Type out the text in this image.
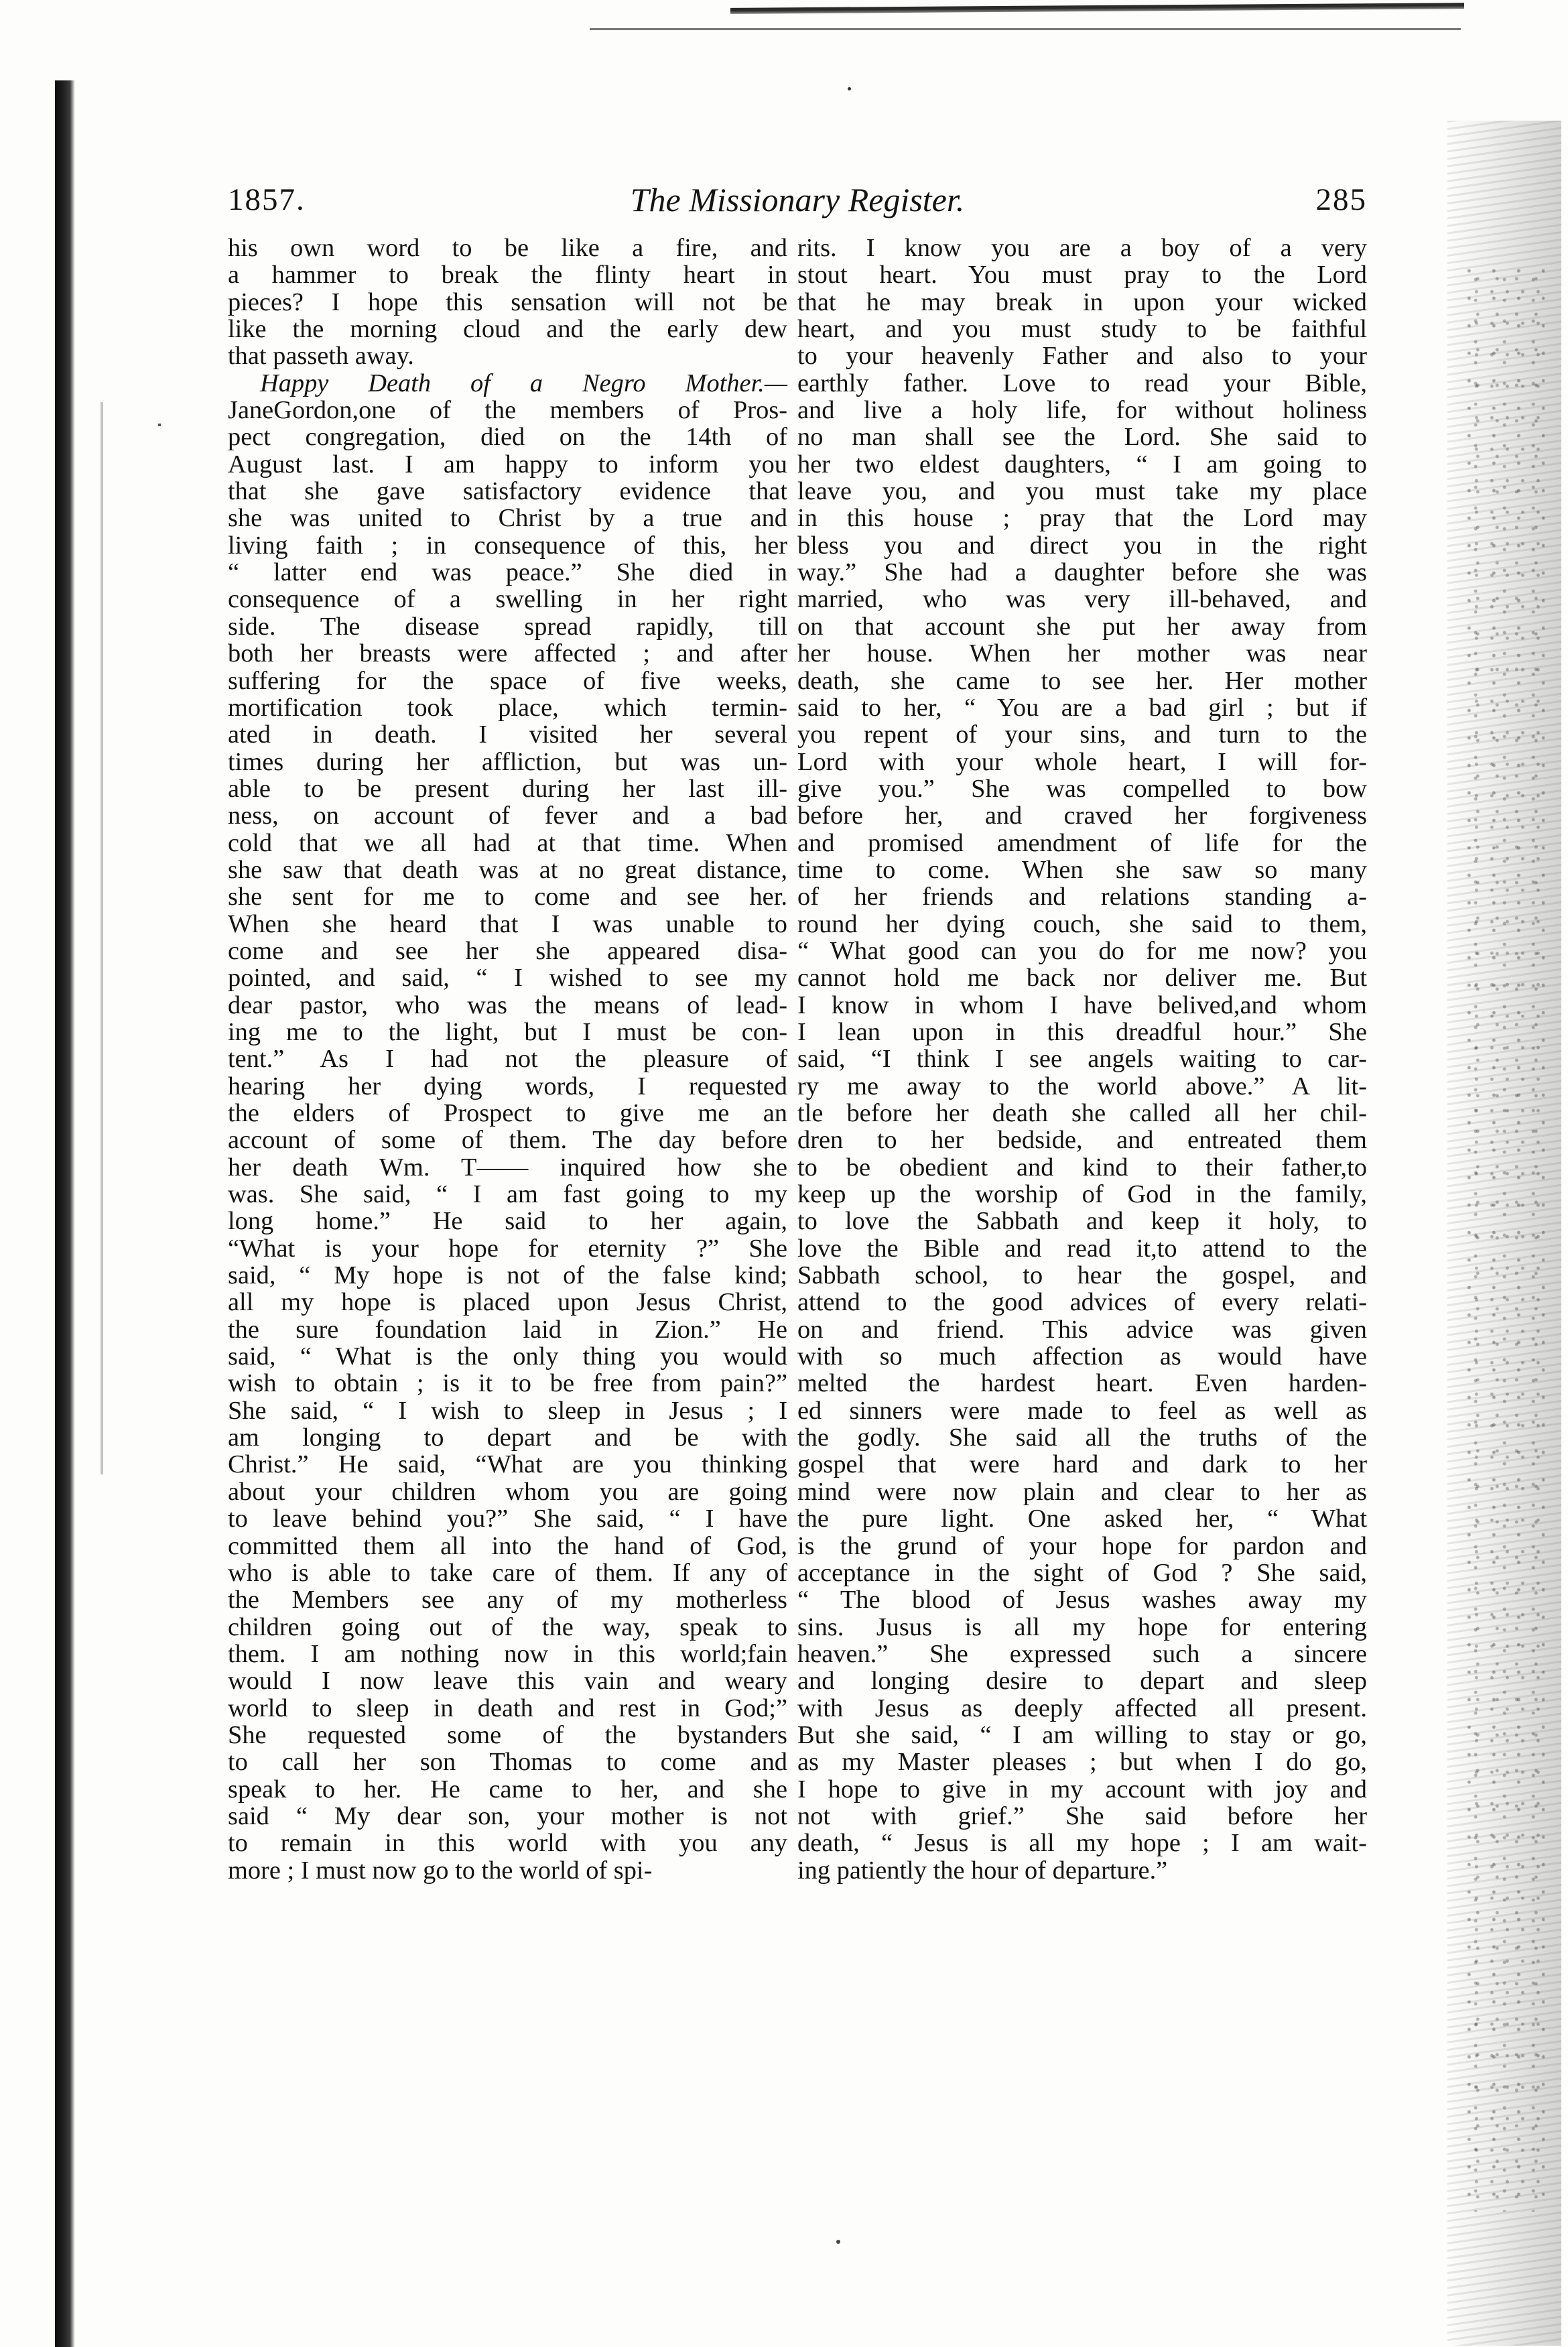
1857.	The Missionary Register.	285
his own word to be like a fire, and
a hammer to break the flinty heart in
pieces? I hope this sensation will not be
like the morning cloud and the early dew
that passeth away.
Happy Death of a Negro Mother.—
JaneGordon,one of the members of Pros-
pect congregation, died on the 14th of
August last. I am happy to inform you
that she gave satisfactory evidence that
she was united to Christ by a true and
living faith ; in consequence of this, her
“ latter end was peace.” She died in
consequence of a swelling in her right
side. The disease spread rapidly, till
both her breasts were affected ; and after
suffering for the space of five weeks,
mortification took place, which termin-
ated in death. I visited her several
times during her affliction, but was un-
able to be present during her last ill-
ness, on account of fever and a bad
cold that we all had at that time. When
she saw that death was at no great distance,
she sent for me to come and see her.
When she heard that I was unable to
come and see her she appeared disa-
pointed, and said, “ I wished to see my
dear pastor, who was the means of lead-
ing me to the light, but I must be con-
tent.” As I had not the pleasure of
hearing her dying words, I requested
the elders of Prospect to give me an
account of some of them. The day before
her death Wm. T—— inquired how she
was. She said, “ I am fast going to my
long home.” He said to her again,
“What is your hope for eternity ?” She
said, “ My hope is not of the false kind;
all my hope is placed upon Jesus Christ,
the sure foundation laid in Zion.” He
said, “ What is the only thing you would
wish to obtain ; is it to be free from pain?”
She said, “ I wish to sleep in Jesus ; I
am longing to depart and be with
Christ.” He said, “What are you thinking
about your children whom you are going
to leave behind you?” She said, “ I have
committed them all into the hand of God,
who is able to take care of them. If any of
the Members see any of my motherless
children going out of the way, speak to
them. I am nothing now in this world;fain
would I now leave this vain and weary
world to sleep in death and rest in God;”
She requested some of the bystanders
to call her son Thomas to come and
speak to her. He came to her, and she
said “ My dear son, your mother is not
to remain in this world with you any
more ; I must now go to the world of spi-
rits. I know you are a boy of a very
stout heart. You must pray to the Lord
that he may break in upon your wicked
heart, and you must study to be faithful
to your heavenly Father and also to your
earthly father. Love to read your Bible,
and live a holy life, for without holiness
no man shall see the Lord. She said to
her two eldest daughters, “ I am going to
leave you, and you must take my place
in this house ; pray that the Lord may
bless you and direct you in the right
way.” She had a daughter before she was
married, who was very ill-behaved, and
on that account she put her away from
her house. When her mother was near
death, she came to see her. Her mother
said to her, “ You are a bad girl ; but if
you repent of your sins, and turn to the
Lord with your whole heart, I will for-
give you.” She was compelled to bow
before her, and craved her forgiveness
and promised amendment of life for the
time to come. When she saw so many
of her friends and relations standing a-
round her dying couch, she said to them,
“ What good can you do for me now? you
cannot hold me back nor deliver me. But
I know in whom I have belived,and whom
I lean upon in this dreadful hour.” She
said, “I think I see angels waiting to car-
ry me away to the world above.” A lit-
tle before her death she called all her chil-
dren to her bedside, and entreated them
to be obedient and kind to their father,to
keep up the worship of God in the family,
to love the Sabbath and keep it holy, to
love the Bible and read it,to attend to the
Sabbath school, to hear the gospel, and
attend to the good advices of every relati-
on and friend. This advice was given
with so much affection as would have
melted the hardest heart. Even harden-
ed sinners were made to feel as well as
the godly. She said all the truths of the
gospel that were hard and dark to her
mind were now plain and clear to her as
the pure light. One asked her, “ What
is the grund of your hope for pardon and
acceptance in the sight of God ? She said,
“ The blood of Jesus washes away my
sins. Jusus is all my hope for entering
heaven.” She expressed such a sincere
and longing desire to depart and sleep
with Jesus as deeply affected all present.
But she said, “ I am willing to stay or go,
as my Master pleases ; but when I do go,
I hope to give in my account with joy and
not with grief.” She said before her
death, “ Jesus is all my hope ; I am wait-
ing patiently the hour of departure.”
